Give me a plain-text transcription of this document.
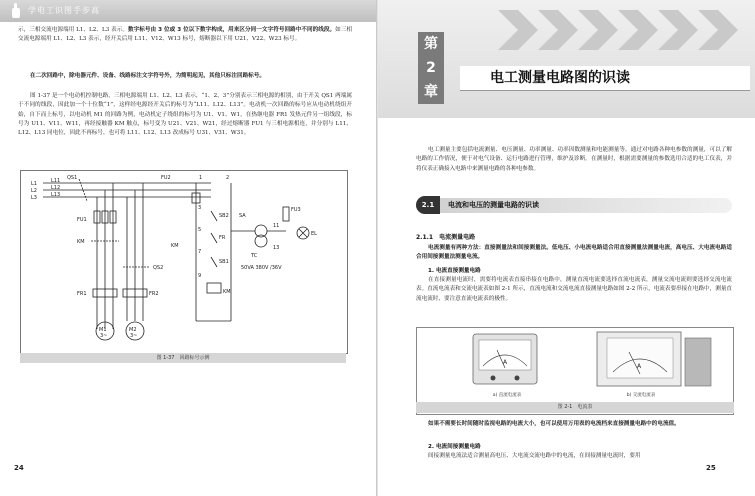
学电工识图手步高

示，三相交流电源端用 L1、L2、L3 表示。数字标号由 3 位或 3 位以下数字构成，用来区分同一文字符号回路中不同的线段。如三相交流电源端用 L1、L2、L3 表示，经开关后用 L11、V12、W13 标号，熔断器以下用 U21、V22、W23 标号。

在二次回路中，除电器元件、设备、线路标注文字符号外，为简明起见，其他只标注回路标号。

图 1-37 是一个电动机控制电路，三相电源端用 L1、L2、L3 表示，“1、2、3”分别表示三相电源的相别，由于开关 QS1 两端属于不同的线段，因此加一个十位数“1”，这样经电源经开关后的标号为“L11、L12、L13”。电动机一次回路的标号应从电动机绕组开始，自下而上标号，以电动机 M1 的回路为例，电动机定子绕组的标号为 U1、V1、W1，在热继电器 FR1 发热元件另一组线段，标号为 U11、V11、W11，再经接触器 KM 触点，标号变为 U21、V21、W21，经过熔断器 FU1 与三相电源相连，并分别与 L11、L12、L13 同电位，因此不再标号，也可将 L11、L12、L13 改成标号 U31、V31、W31。

QS1	FU2
L1
L2
L3
L11
L12
L13
FU1
KM
QS2
FR1	FR2
M1
3~
M2
3~
SB2
FR
SA
SB1
KM
TC
FU3
EL
KM
1	2
3
5
7
9
11
13
50VA 380V /36V
图 1-37　回路标号示例
24
第
2
章
电工测量电路图的识读

电工测量主要包括电流测量、电压测量、功率测量、功率因数测量和电能测量等。通过对电路各种电参数的测量，可以了解电路的工作情况，便于对电气设备、运行电路进行管理，维护及诊断。在测量时，根据需要测量的参数选用合适的电工仪表，并将仪表正确接入电路中来测量电路的各种电参数。

2.1	电流和电压的测量电路的识读
2.1.1　电流测量电路

电流测量有两种方法：直接测量法和间接测量法。低电压、小电流电路适合用直接测量法测量电流，高电压、大电流电路适合用间接测量法测量电流。

1. 电流直接测量电路

在直接测量电流时，需要将电流表直接串接在电路中，测量直流电流要选择直流电流表，测量交流电流则要选择交流电流表。直流电流表和交流电流表如图 2-1 所示，直流电流和交流电流直接测量电路如图 2-2 所示，电流表要串接在电路中，测量直流电流时，要注意直流电流表的极性。

A
A
a) 直流电流表	b) 交流电流表
图 2-1　电流表

如果不需要长时间随时监视电路的电流大小，也可以使用万用表的电流档来直接测量电路中的电流值。

2. 电流间接测量电路

间接测量电流法适合测量高电压、大电流交流电路中的电流，在间接测量电流时，要用

25
